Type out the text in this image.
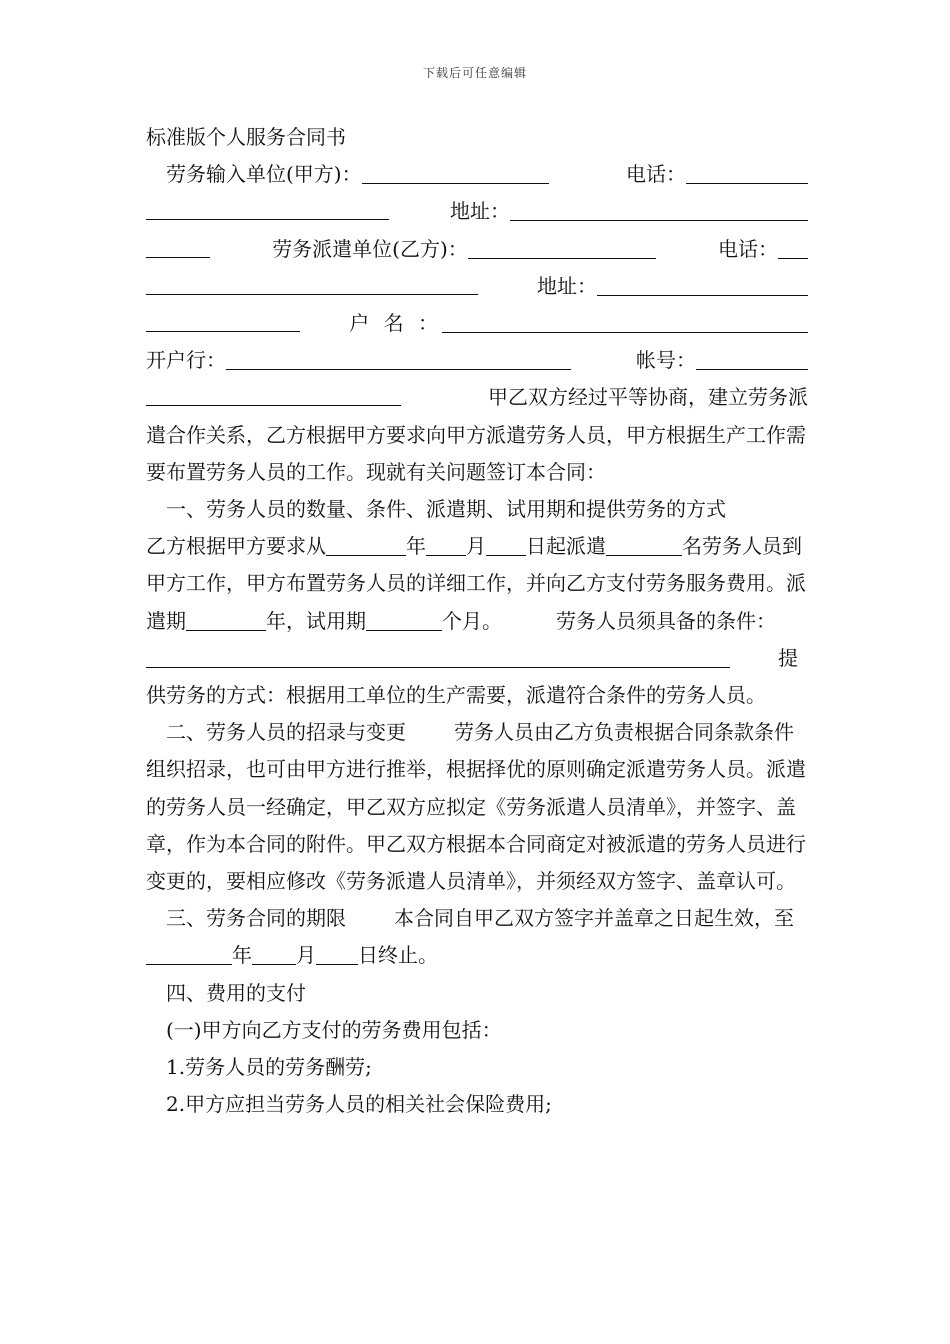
下载后可任意编辑

标准版个人服务合同书

劳务输入单位(甲方)：	电话：
地址：
劳务派遣单位(乙方)：	电话：
地址：
户 名 ：
开户行：	帐号：
甲乙双方经过平等协商，建立劳务派

遣合作关系，乙方根据甲方要求向甲方派遣劳务人员，甲方根据生产工作需要布置劳务人员的工作。现就有关问题签订本合同：

一、劳务人员的数量、条件、派遣期、试用期和提供劳务的方式

乙方根据甲方要求从	年 月 日起派遣	名劳务人员到甲方工作，甲方布置劳务人员的详细工作，并向乙方支付劳务服务费用。派遣期	年，试用期	个月。	劳务人员须具备的条件：提供劳务的方式：根据用工单位的生产需要，派遣符合条件的劳务人员。

二、劳务人员的招录与变更 劳务人员由乙方负责根据合同条款条件组织招录，也可由甲方进行推举，根据择优的原则确定派遣劳务人员。派遣的劳务人员一经确定，甲乙双方应拟定《劳务派遣人员清单》，并签字、盖章，作为本合同的附件。甲乙双方根据本合同商定对被派遣的劳务人员进行变更的，要相应修改《劳务派遣人员清单》，并须经双方签字、盖章认可。

三、劳务合同的期限 本合同自甲乙双方签字并盖章之日起生效，至年 月 日终止。

四、费用的支付

(一)甲方向乙方支付的劳务费用包括：

1.劳务人员的劳务酬劳;

2.甲方应担当劳务人员的相关社会保险费用;
